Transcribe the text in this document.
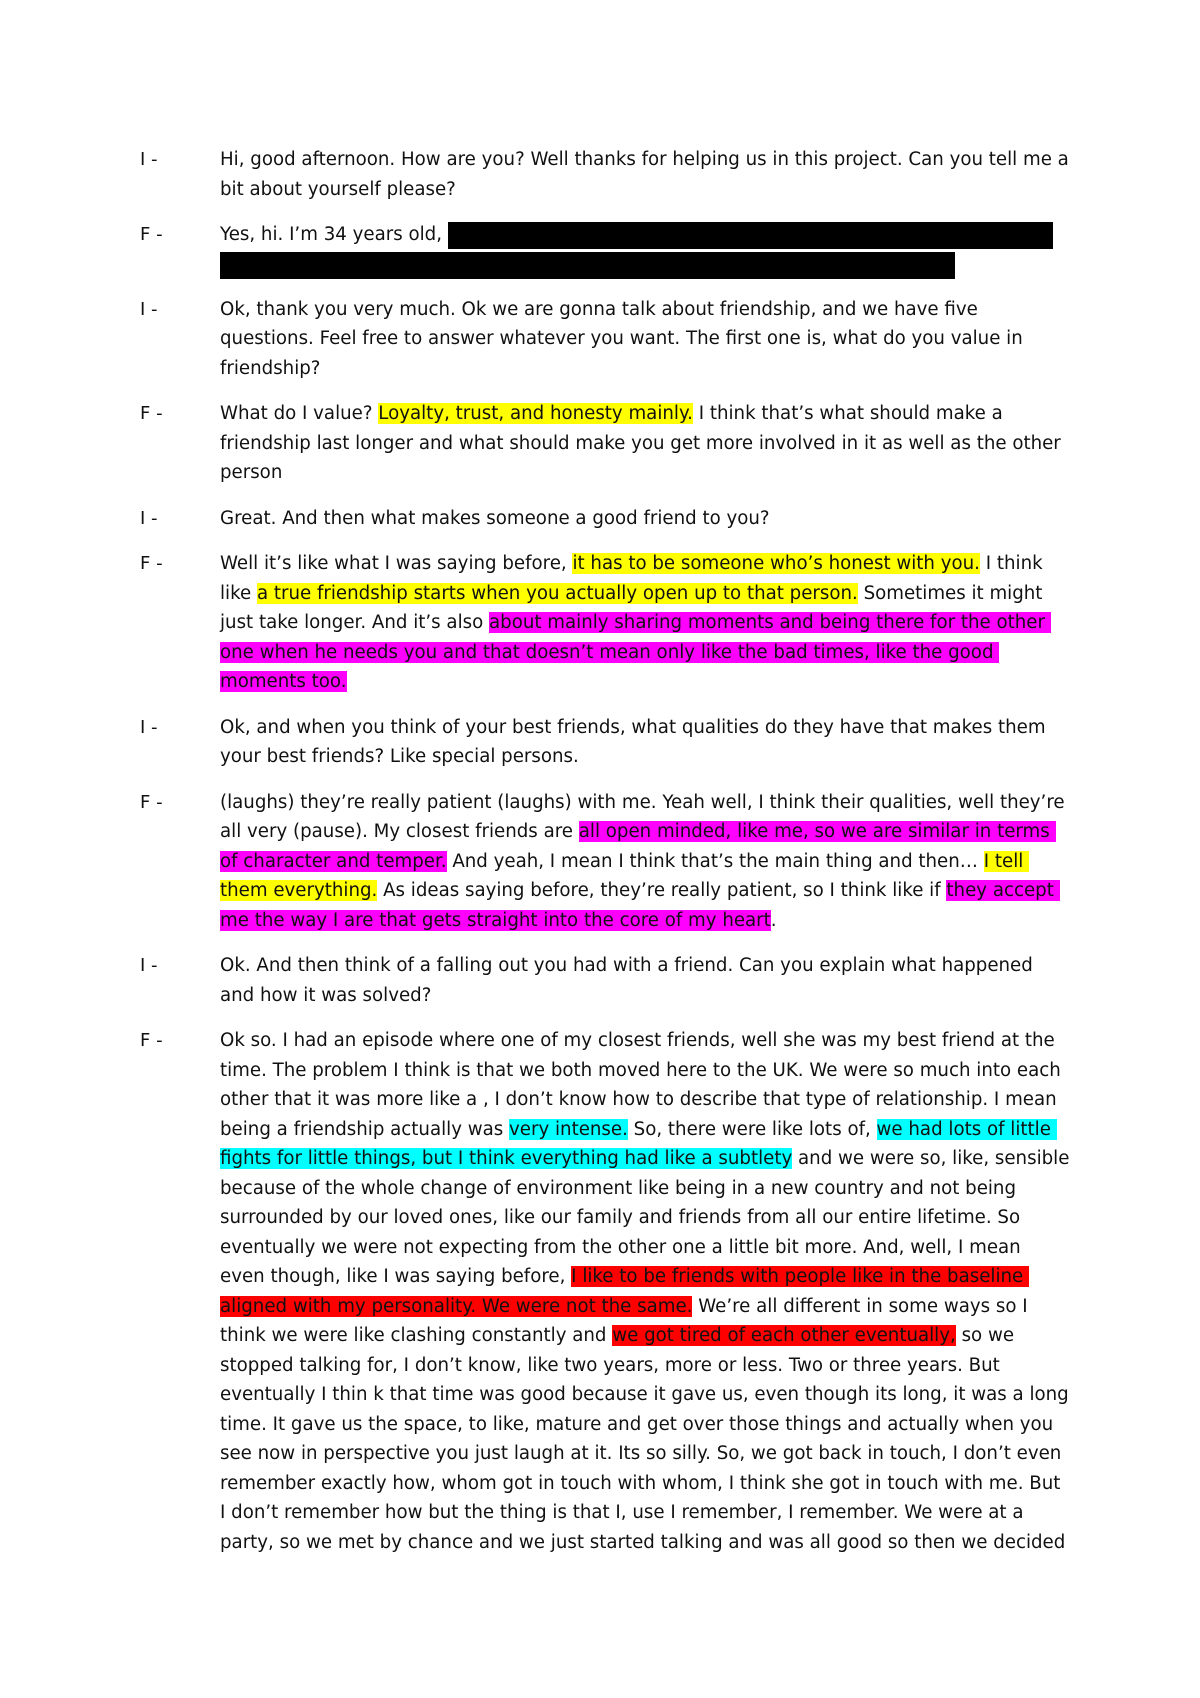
I -	Hi, good afternoon. How are you? Well thanks for helping us in this project. Can you tell me a bit about yourself please?
F -	Yes, hi. I’m 34 years old,
I -	Ok, thank you very much. Ok we are gonna talk about friendship, and we have five questions. Feel free to answer whatever you want. The first one is, what do you value in friendship?
F -	What do I value? Loyalty, trust, and honesty mainly. I think that’s what should make a friendship last longer and what should make you get more involved in it as well as the other person
I -	Great. And then what makes someone a good friend to you?
F -	Well it’s like what I was saying before, it has to be someone who’s honest with you. I think like a true friendship starts when you actually open up to that person. Sometimes it might just take longer. And it’s also about mainly sharing moments and being there for the other one when he needs you and that doesn’t mean only like the bad times, like the good moments too.
I -	Ok, and when you think of your best friends, what qualities do they have that makes them your best friends? Like special persons.
F -	(laughs) they’re really patient (laughs) with me. Yeah well, I think their qualities, well they’re all very (pause). My closest friends are all open minded, like me, so we are similar in terms of character and temper. And yeah, I mean I think that’s the main thing and then… I tell them everything. As ideas saying before, they’re really patient, so I think like if they accept me the way I are that gets straight into the core of my heart.
I -	Ok. And then think of a falling out you had with a friend. Can you explain what happened and how it was solved?
F -	Ok so. I had an episode where one of my closest friends, well she was my best friend at the time. The problem I think is that we both moved here to the UK. We were so much into each other that it was more like a , I don’t know how to describe that type of relationship. I mean being a friendship actually was very intense. So, there were like lots of, we had lots of little fights for little things, but I think everything had like a subtlety and we were so, like, sensible because of the whole change of environment like being in a new country and not being surrounded by our loved ones, like our family and friends from all our entire lifetime. So eventually we were not expecting from the other one a little bit more. And, well, I mean even though, like I was saying before, I like to be friends with people like in the baseline aligned with my personality. We were not the same. We’re all different in some ways so I think we were like clashing constantly and we got tired of each other eventually, so we stopped talking for, I don’t know, like two years, more or less. Two or three years. But eventually I thin k that time was good because it gave us, even though its long, it was a long time. It gave us the space, to like, mature and get over those things and actually when you see now in perspective you just laugh at it. Its so silly. So, we got back in touch, I don’t even remember exactly how, whom got in touch with whom, I think she got in touch with me. But I don’t remember how but the thing is that I, use I remember, I remember. We were at a party, so we met by chance and we just started talking and was all good so then we decided
